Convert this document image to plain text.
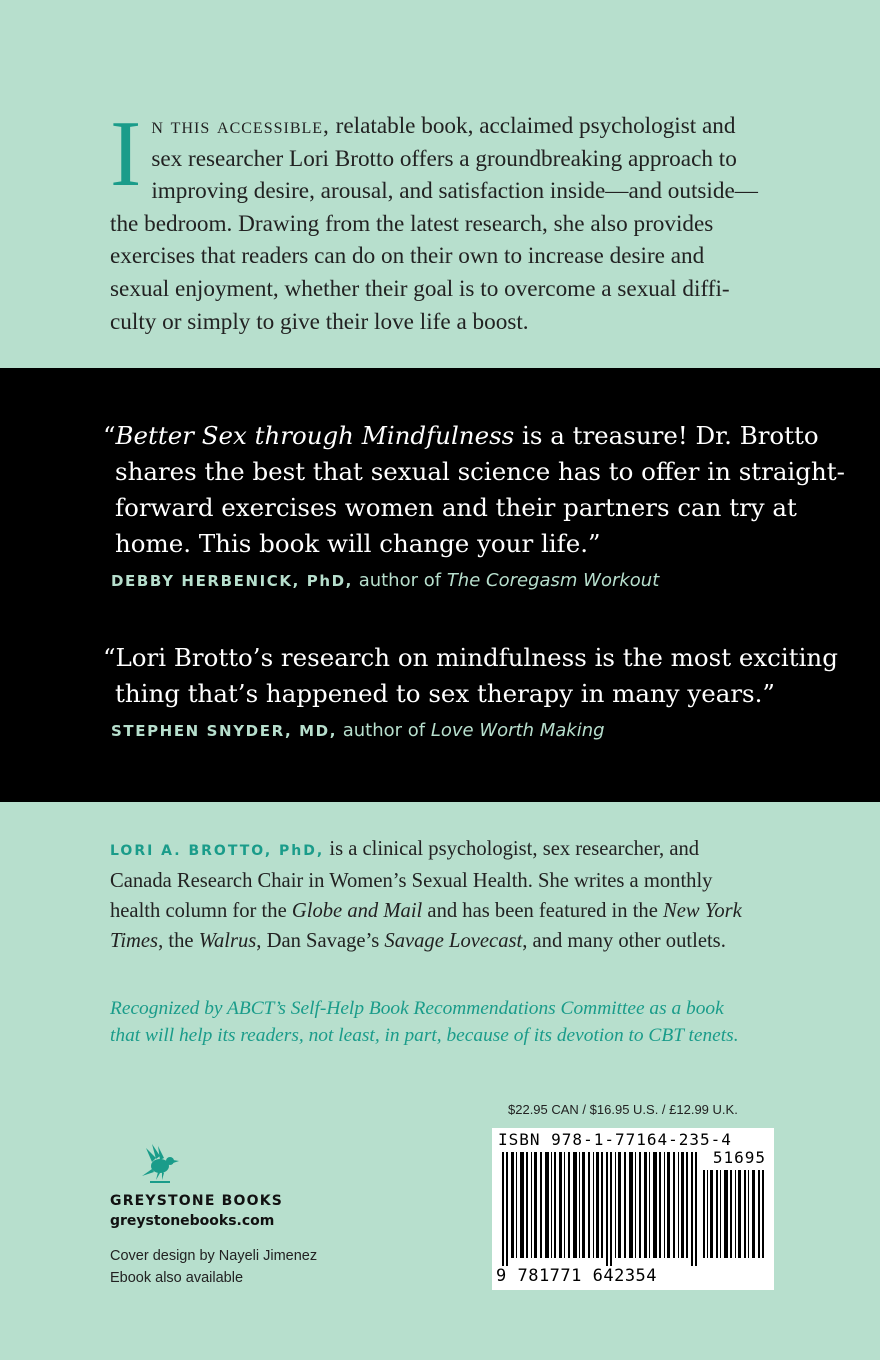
I n this accessible, relatable book, acclaimed psychologist and
sex researcher Lori Brotto offers a groundbreaking approach to
improving desire, arousal, and satisfaction inside—and outside—
the bedroom. Drawing from the latest research, she also provides
exercises that readers can do on their own to increase desire and
sexual enjoyment, whether their goal is to overcome a sexual diffi-
culty or simply to give their love life a boost.
“Better Sex through Mindfulness is a treasure! Dr. Brotto
shares the best that sexual science has to offer in straight-
forward exercises women and their partners can try at
home. This book will change your life.”
DEBBY HERBENICK, PhD, author of The Coregasm Workout
“Lori Brotto’s research on mindfulness is the most exciting
thing that’s happened to sex therapy in many years.”
STEPHEN SNYDER, MD, author of Love Worth Making
LORI A. BROTTO, PhD, is a clinical psychologist, sex researcher, and
Canada Research Chair in Women’s Sexual Health. She writes a monthly
health column for the Globe and Mail and has been featured in the New York
Times, the Walrus, Dan Savage’s Savage Lovecast, and many other outlets.
Recognized by ABCT’s Self-Help Book Recommendations Committee as a book
that will help its readers, not least, in part, because of its devotion to CBT tenets.
$22.95 CAN / $16.95 U.S. / £12.99 U.K.
ISBN 978-1-77164-235-4
51695
9 781771 642354
GREYSTONE BOOKS
greystonebooks.com
Cover design by Nayeli Jimenez
Ebook also available
